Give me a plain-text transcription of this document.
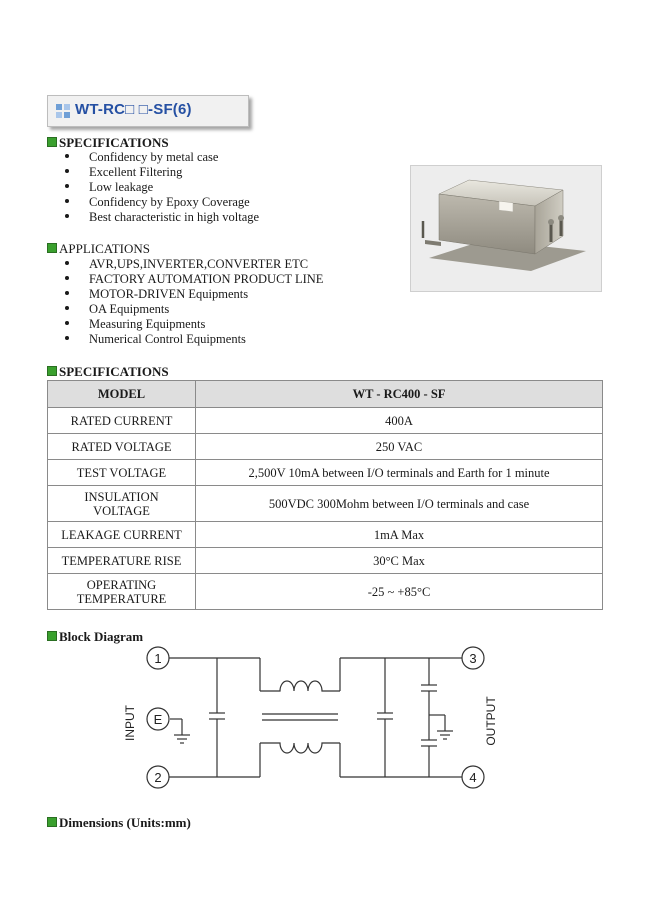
WT-RC□ □-SF(6)
SPECIFICATIONS
Confidency by metal case
Excellent Filtering
Low leakage
Confidency by Epoxy Coverage
Best characteristic in high voltage
APPLICATIONS
AVR,UPS,INVERTER,CONVERTER ETC
FACTORY AUTOMATION PRODUCT LINE
MOTOR-DRIVEN Equipments
OA Equipments
Measuring Equipments
Numerical Control Equipments
SPECIFICATIONS
MODEL	WT - RC400 - SF
RATED CURRENT	400A
RATED VOLTAGE	250 VAC
TEST VOLTAGE	2,500V 10mA between I/O terminals and Earth for 1 minute
INSULATION
VOLTAGE	500VDC 300Mohm between I/O terminals and case
LEAKAGE CURRENT	1mA Max
TEMPERATURE RISE	30°C Max
OPERATING
TEMPERATURE	-25 ~ +85°C
Block Diagram
1
E
2
3
4
INPUT	OUTPUT
Dimensions (Units:mm)
